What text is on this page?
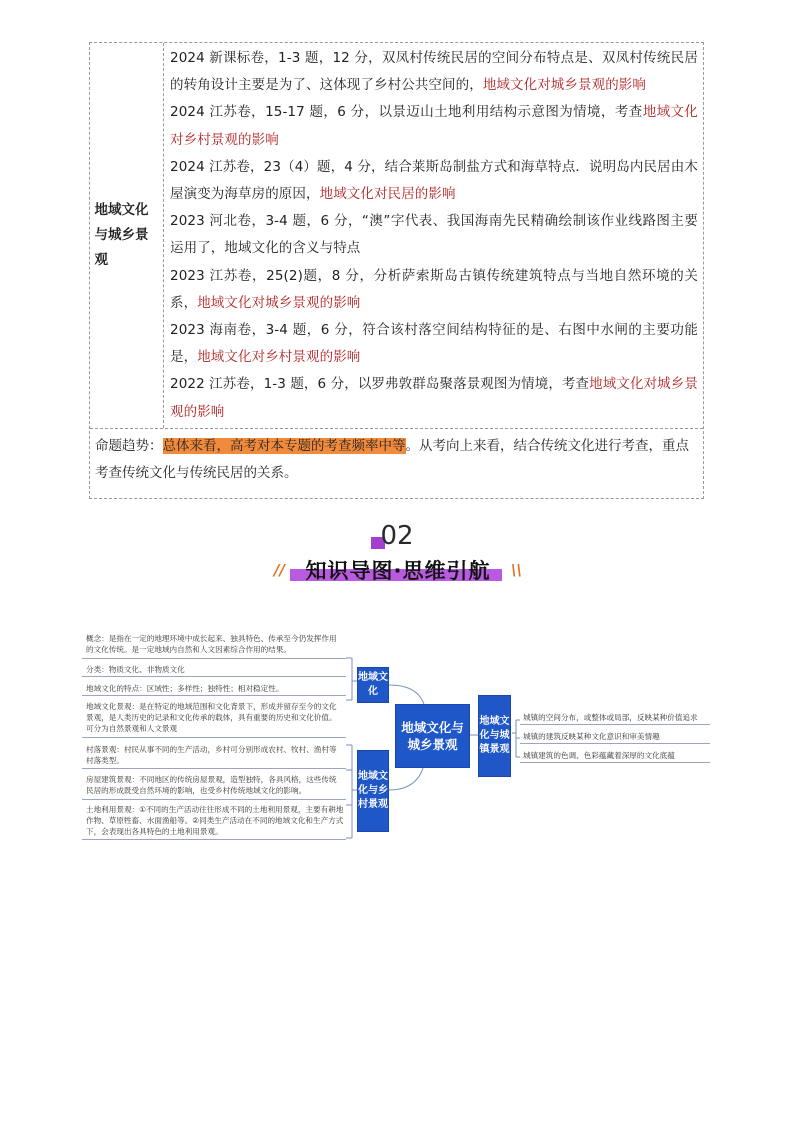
地域文化与城乡景观

2024 新课标卷，1-3 题，12 分，双凤村传统民居的空间分布特点是、双凤村传统民居的转角设计主要是为了、这体现了乡村公共空间的，地域文化对城乡景观的影响

2024 江苏卷，15-17 题，6 分，以景迈山土地利用结构示意图为情境，考查地域文化对乡村景观的影响

2024 江苏卷，23（4）题，4 分，结合莱斯岛制盐方式和海草特点．说明岛内民居由木屋演变为海草房的原因，地域文化对民居的影响

2023 河北卷，3-4 题，6 分，“澳”字代表、我国海南先民精确绘制该作业线路图主要运用了，地域文化的含义与特点

2023 江苏卷，25(2)题，8 分，分析萨索斯岛古镇传统建筑特点与当地自然环境的关系，地域文化对城乡景观的影响

2023 海南卷，3-4 题，6 分，符合该村落空间结构特征的是、右图中水闸的主要功能是，地域文化对乡村景观的影响

2022 江苏卷，1-3 题，6 分，以罗弗敦群岛聚落景观图为情境，考查地域文化对城乡景观的影响

命题趋势：总体来看，高考对本专题的考查频率中等。从考向上来看，结合传统文化进行考查，重点考查传统文化与传统民居的关系。
02
// 知识导图·思维引航	\\
地域文化
地域文化与乡村景观
地域文化与城乡景观
地域文化与城镇景观
概念：是指在一定的地理环境中成长起来、独具特色、传承至今仍发挥作用的文化传统。是一定地域内自然和人文因素综合作用的结果。
分类：物质文化、非物质文化
地域文化的特点：区域性；多样性；独特性；相对稳定性。
地域文化景观：是在特定的地域范围和文化背景下，形成并留存至今的文化景观，是人类历史的记录和文化传承的载体，具有重要的历史和文化价值。可分为自然景观和人文景观
村落景观：村民从事不同的生产活动，乡村可分别形成农村、牧村、渔村等村落类型。
房屋建筑景观：不同地区的传统房屋景观，造型独特，各具风格，这些传统民居的形成既受自然环境的影响，也受乡村传统地域文化的影响。
土地利用景观：①不同的生产活动往往形成不同的土地利用景观，主要有耕地作物、草原牲畜、水面渔船等。②同类生产活动在不同的地域文化和生产方式下，会表现出各具特色的土地利用景观。
城镇的空间分布，或整体或局部，反映某种价值追求
城镇的建筑反映某种文化意识和审美情趣
城镇建筑的色调、色彩蕴藏着深厚的文化底蕴
